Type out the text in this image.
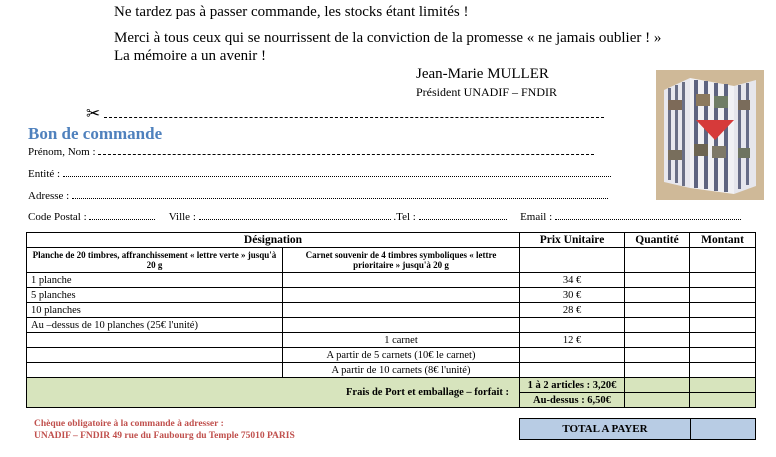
Ne tardez pas à passer commande, les stocks étant limités !
Merci à tous ceux qui se nourrissent de la conviction de la promesse « ne jamais oublier ! »
La mémoire a un avenir !
Jean-Marie MULLER
Président UNADIF – FNDIR
✂
Bon de commande
Prénom, Nom :
Entité :
Adresse :
Code Postal :	Ville :	.Tel :	Email :
Désignation		Prix Unitaire	Quantité	Montant
Planche de 20 timbres, affranchissement « lettre verte » jusqu'à 20 g	Carnet souvenir de 4 timbres symboliques « lettre prioritaire » jusqu'à 20 g			
1 planche		34 €		
5 planches		30 €		
10 planches		28 €		
Au –dessus de 10 planches (25€ l'unité)				
	1 carnet	12 €		
	A partir de 5 carnets (10€ le carnet)			
	A partir de 10 carnets (8€ l'unité)			
Frais de Port et emballage – forfait :		1 à 2 articles : 3,20€		
		Au-dessus : 6,50€		
Chèque obligatoire à la commande à adresser :
UNADIF – FNDIR 49 rue du Faubourg du Temple 75010 PARIS
TOTAL A PAYER
